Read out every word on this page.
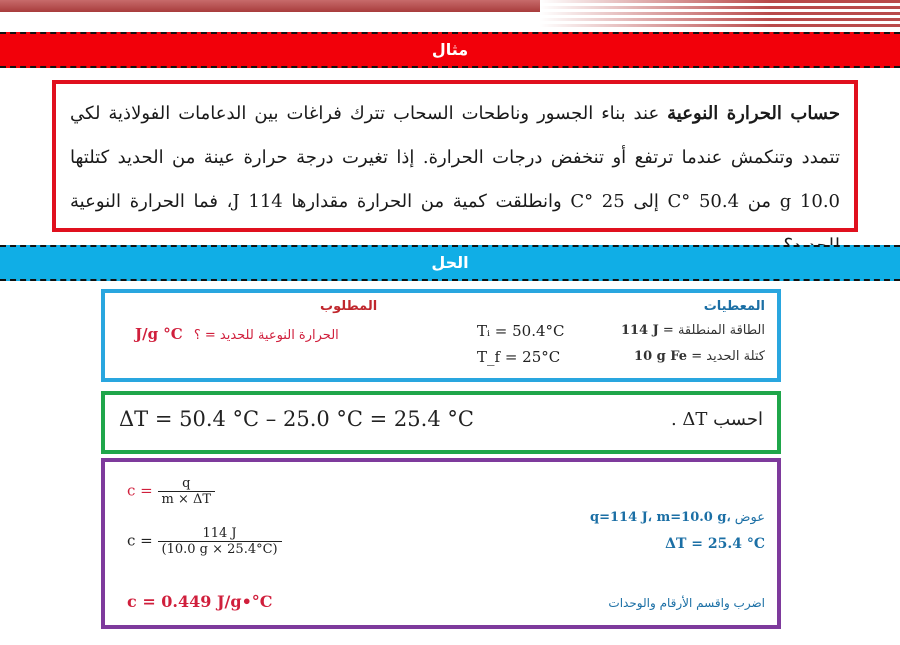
مثال
حساب الحرارة النوعية عند بناء الجسور وناطحات السحاب تترك فراغات بين الدعامات الفولاذية لكي تتمدد وتنكمش عندما ترتفع أو تنخفض درجات الحرارة. إذا تغيرت درجة حرارة عينة من الحديد كتلتها 10.0 g من 50.4 °C إلى 25 °C وانطلقت كمية من الحرارة مقدارها 114 J، فما الحرارة النوعية
الحل
المعطيات
الطاقة المنطلقة = 114 J
كتلة الحديد = 10 g Fe
Tᵢ = 50.4°C
T_f = 25°C
المطلوب
J/g °C الحرارة النوعية للحديد = ؟
ΔT = 50.4 °C – 25.0 °C = 25.4 °C	احسب ΔT .
$c = \frac{q}{m \times \Delta T}$
$c = \frac{114 J}{(10.0 g \times 25.4^\circ C)}$
c = 0.449 J/g•°C
عوض q=114 J، m=10.0 g،
ΔT = 25.4 °C
اضرب واقسم الأرقام والوحدات
